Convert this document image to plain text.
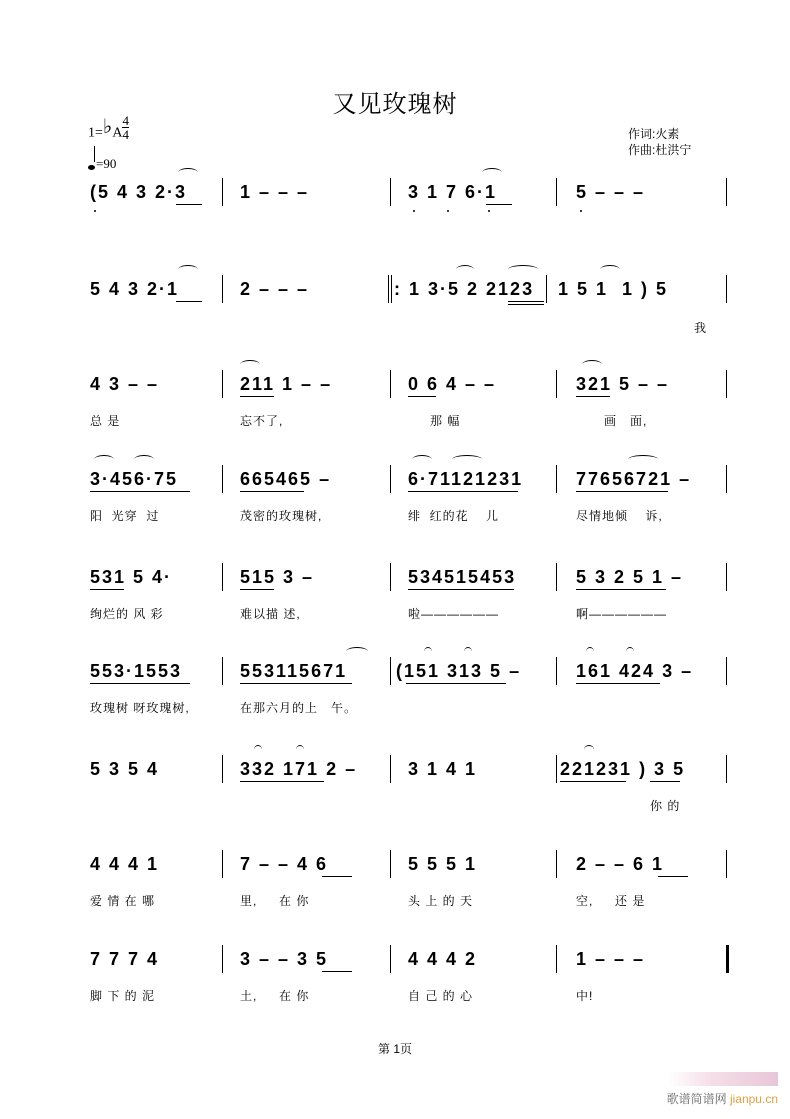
又见玫瑰树
1=♭A $\frac{4}{4}$
=90
作词:火素
作曲:杜洪宁
(5 4 3 2·3	1 – – –	3 1 7 6·1	5 – – –
5 4 3 2·1	2 – – –	: 1 3·5 2 2123 1 5 1  1 ) 5
我
4 3 – –	211 1 – –	0 6 4 – –	321 5 – –
总 是	忘不了,	那 幅	画   面,
3·456·75	665465 –	6·71121231	77656721 –
阳  光穿  过	茂密的玫瑰树,	绯  红的花    儿	尽情地倾    诉,
531 5 4·	515 3 –	534515453	5 3 2 5 1 –
绚烂的 风 彩	难以描 述,	啦――――――	啊――――――
553·1553	553115671	(151 313 5 –	161 424 3 –
玫瑰树 呀玫瑰树,	在那六月的上   午。
5 3 5 4	332 171 2 –	3 1 4 1	221231 ) 3 5
你 的
4 4 4 1	7 – – 4 6	5 5 5 1	2 – – 6 1
爱 情 在 哪	里,     在 你	头 上 的 天	空,     还 是
7 7 7 4	3 – – 3 5	4 4 4 2	1 – – –
脚 下 的 泥	土,     在 你	自 己 的 心	中!
第 1页
歌谱简谱网 jianpu.cn
